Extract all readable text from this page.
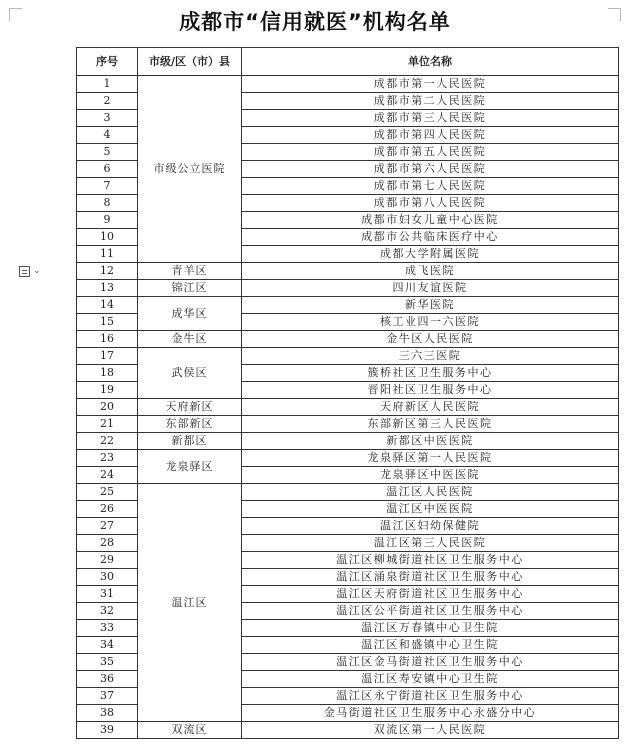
成都市“信用就医”机构名单
⌄
序号	市级/区（市）县	单位名称
1	市级公立医院	成都市第一人民医院
2		成都市第二人民医院
3		成都市第三人民医院
4		成都市第四人民医院
5		成都市第五人民医院
6		成都市第六人民医院
7		成都市第七人民医院
8		成都市第八人民医院
9		成都市妇女儿童中心医院
10		成都市公共临床医疗中心
11		成都大学附属医院
12	青羊区	成飞医院
13	锦江区	四川友谊医院
14	成华区	新华医院
15		核工业四一六医院
16	金牛区	金牛区人民医院
17	武侯区	三六三医院
18		簇桥社区卫生服务中心
19		晋阳社区卫生服务中心
20	天府新区	天府新区人民医院
21	东部新区	东部新区第三人民医院
22	新都区	新都区中医医院
23	龙泉驿区	龙泉驿区第一人民医院
24		龙泉驿区中医医院
25	温江区	温江区人民医院
26		温江区中医医院
27		温江区妇幼保健院
28		温江区第三人民医院
29		温江区柳城街道社区卫生服务中心
30		温江区涌泉街道社区卫生服务中心
31		温江区天府街道社区卫生服务中心
32		温江区公平街道社区卫生服务中心
33		温江区万春镇中心卫生院
34		温江区和盛镇中心卫生院
35		温江区金马街道社区卫生服务中心
36		温江区寿安镇中心卫生院
37		温江区永宁街道社区卫生服务中心
38		金马街道社区卫生服务中心永盛分中心
39	双流区	双流区第一人民医院
